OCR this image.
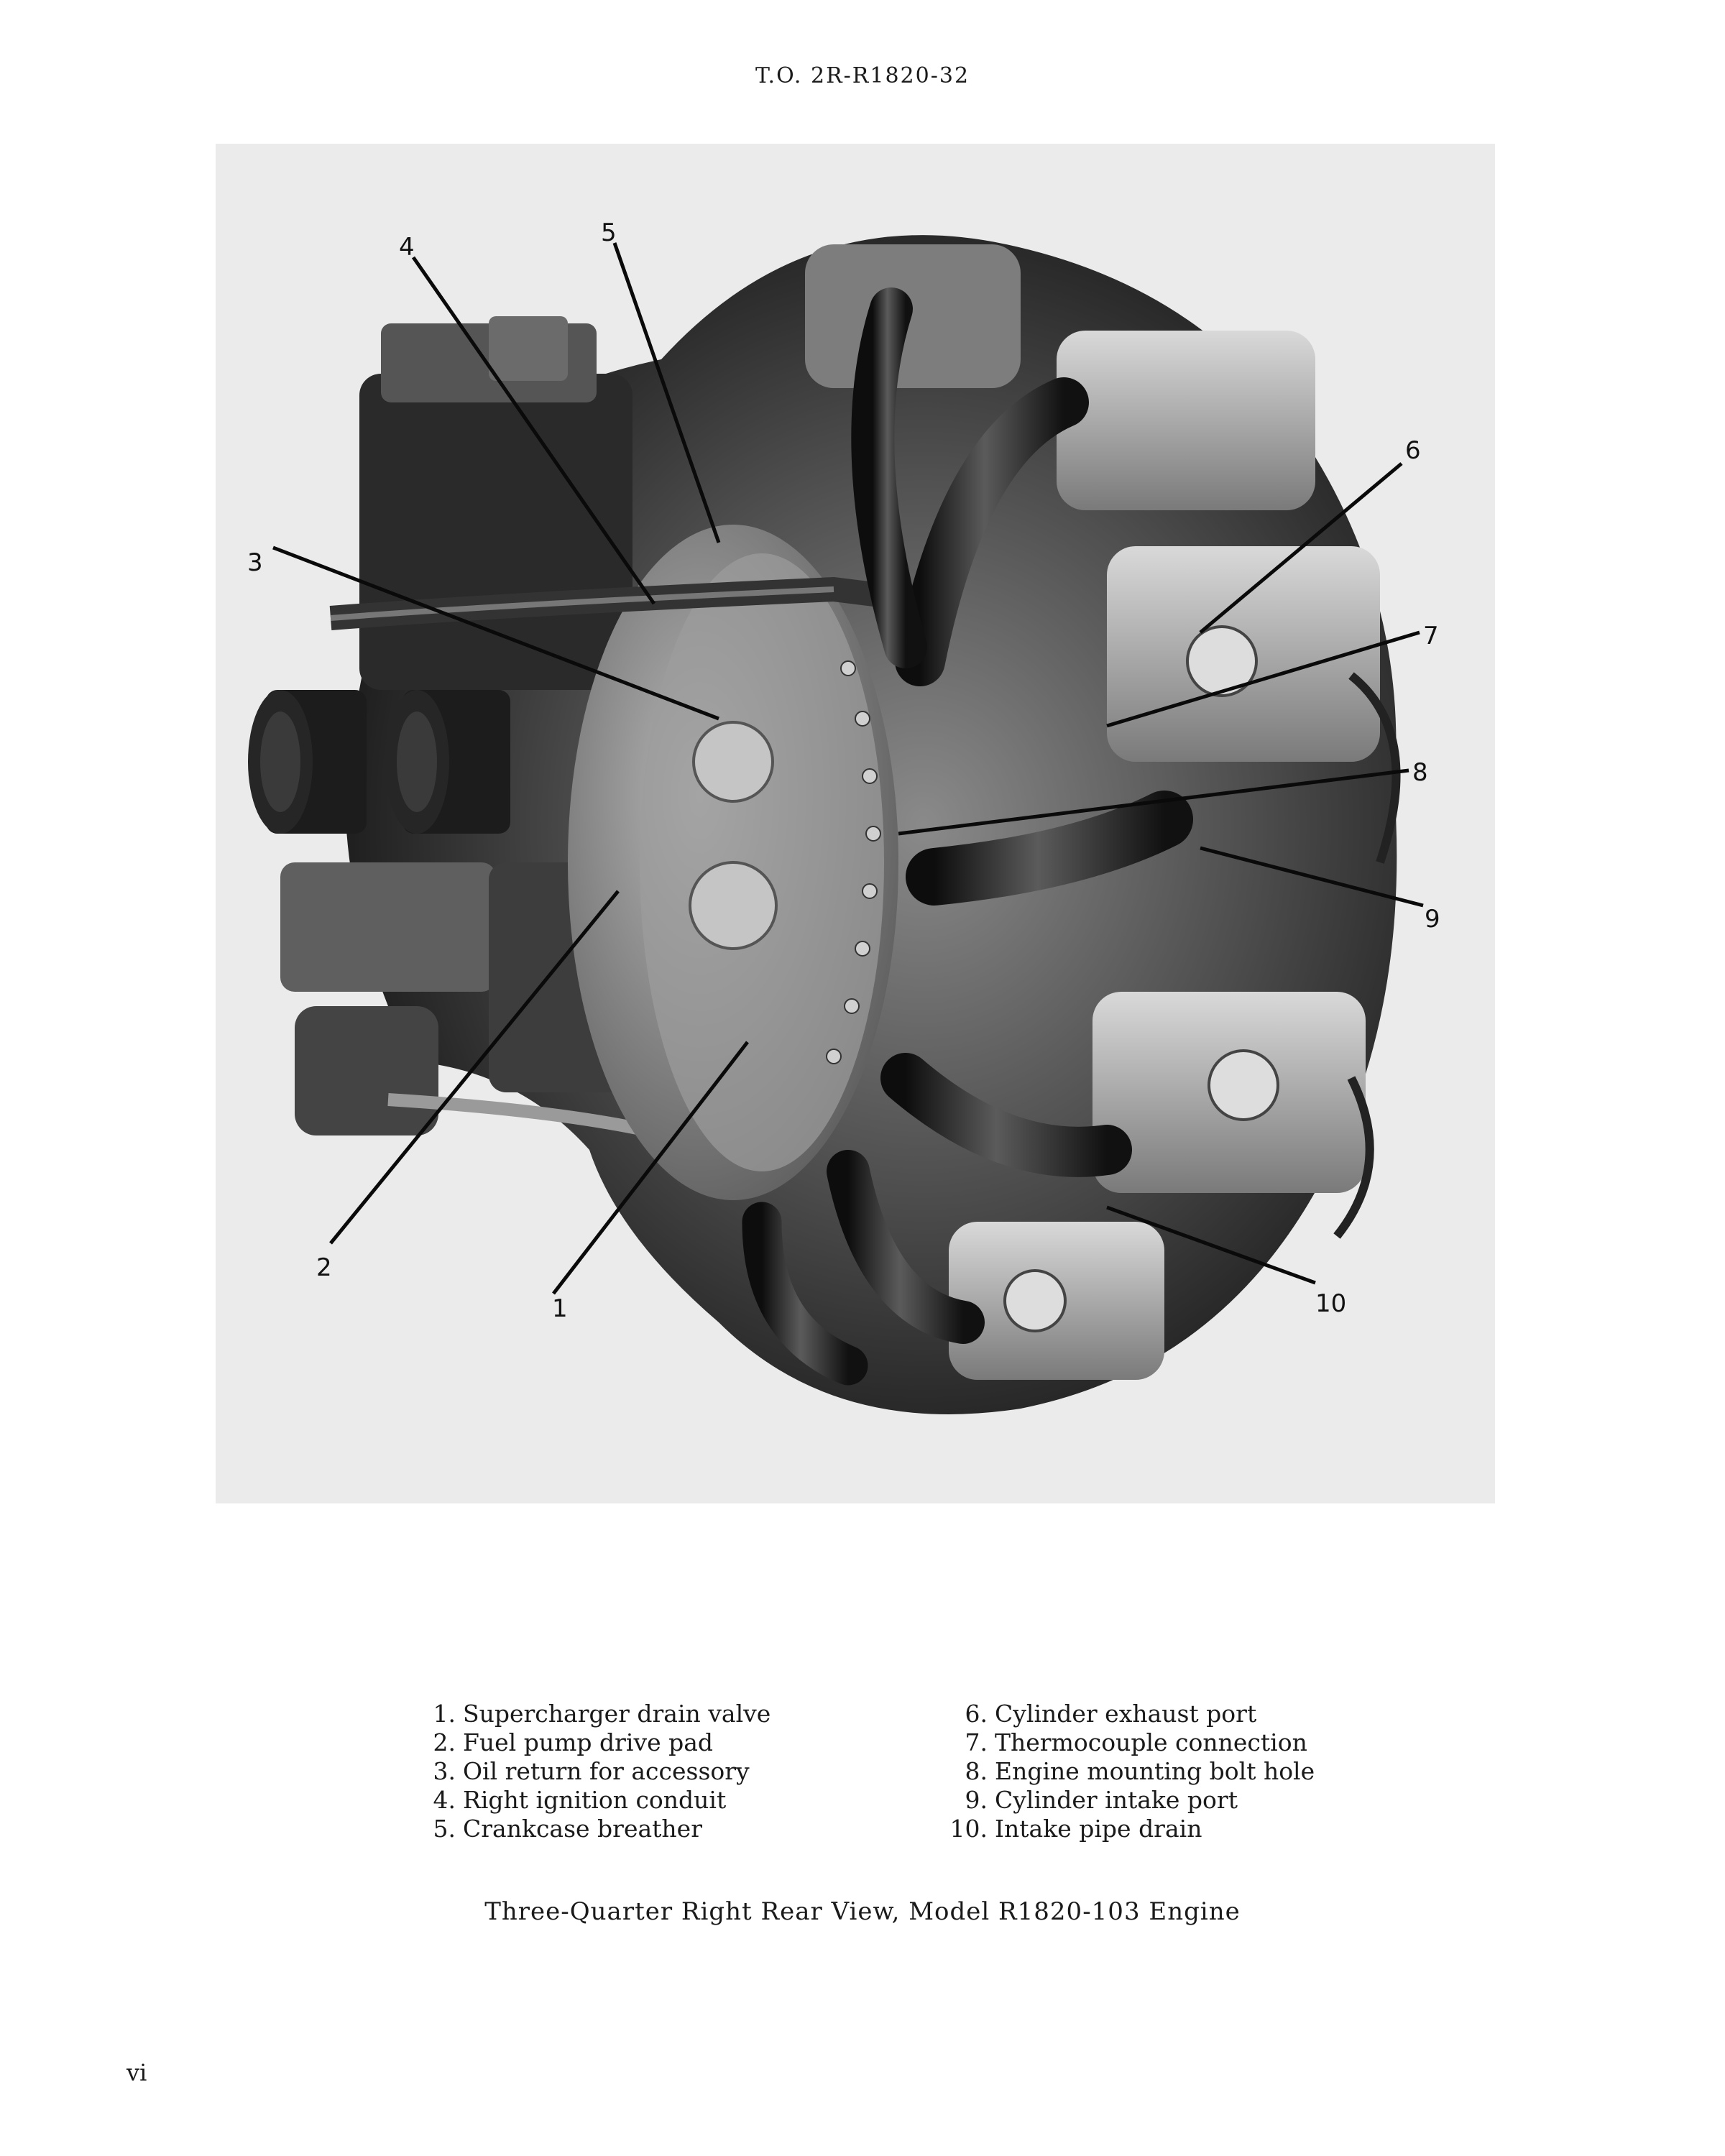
T.O. 2R-R1820-32
1
2
3
4	5
6
7
8
9
10
1. Supercharger drain valve
2. Fuel pump drive pad
3. Oil return for accessory
4. Right ignition conduit
5. Crankcase breather
6. Cylinder exhaust port
7. Thermocouple connection
8. Engine mounting bolt hole
9. Cylinder intake port
10. Intake pipe drain
Three-Quarter Right Rear View, Model R1820-103 Engine
vi
